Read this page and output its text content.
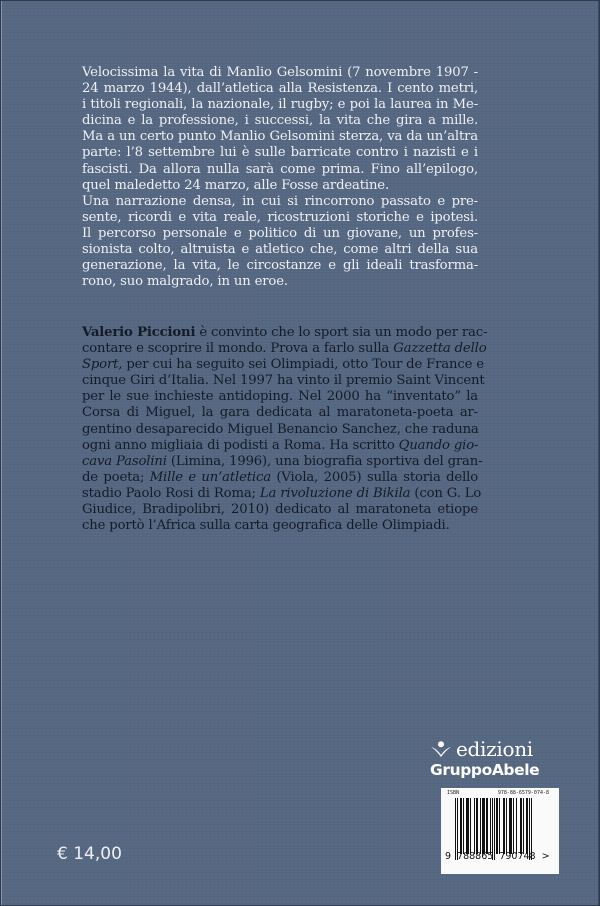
Velocissima la vita di Manlio Gelsomini (7 novembre 1907 -
24 marzo 1944), dall’atletica alla Resistenza. I cento metri,
i titoli regionali, la nazionale, il rugby; e poi la laurea in Me-
dicina e la professione, i successi, la vita che gira a mille.
Ma a un certo punto Manlio Gelsomini sterza, va da un’altra
parte: l’8 settembre lui è sulle barricate contro i nazisti e i
fascisti. Da allora nulla sarà come prima. Fino all’epilogo,
quel maledetto 24 marzo, alle Fosse ardeatine.
Una narrazione densa, in cui si rincorrono passato e pre-
sente, ricordi e vita reale, ricostruzioni storiche e ipotesi.
Il percorso personale e politico di un giovane, un profes-
sionista colto, altruista e atletico che, come altri della sua
generazione, la vita, le circostanze e gli ideali trasforma-
rono, suo malgrado, in un eroe.
Valerio Piccioni è convinto che lo sport sia un modo per rac-
contare e scoprire il mondo. Prova a farlo sulla Gazzetta dello
Sport, per cui ha seguito sei Olimpiadi, otto Tour de France e
cinque Giri d’Italia. Nel 1997 ha vinto il premio Saint Vincent
per le sue inchieste antidoping. Nel 2000 ha “inventato” la
Corsa di Miguel, la gara dedicata al maratoneta-poeta ar-
gentino desaparecido Miguel Benancio Sanchez, che raduna
ogni anno migliaia di podisti a Roma. Ha scritto Quando gio-
cava Pasolini (Limina, 1996), una biografia sportiva del gran-
de poeta; Mille e un’atletica (Viola, 2005) sulla storia dello
stadio Paolo Rosi di Roma; La rivoluzione di Bikila (con G. Lo
Giudice, Bradipolibri, 2010) dedicato al maratoneta etiope
che portò l’Africa sulla carta geografica delle Olimpiadi.
edizioni
GruppoAbele
ISBN	978-88-6579-074-8
9 788865 790748 >
€ 14,00
